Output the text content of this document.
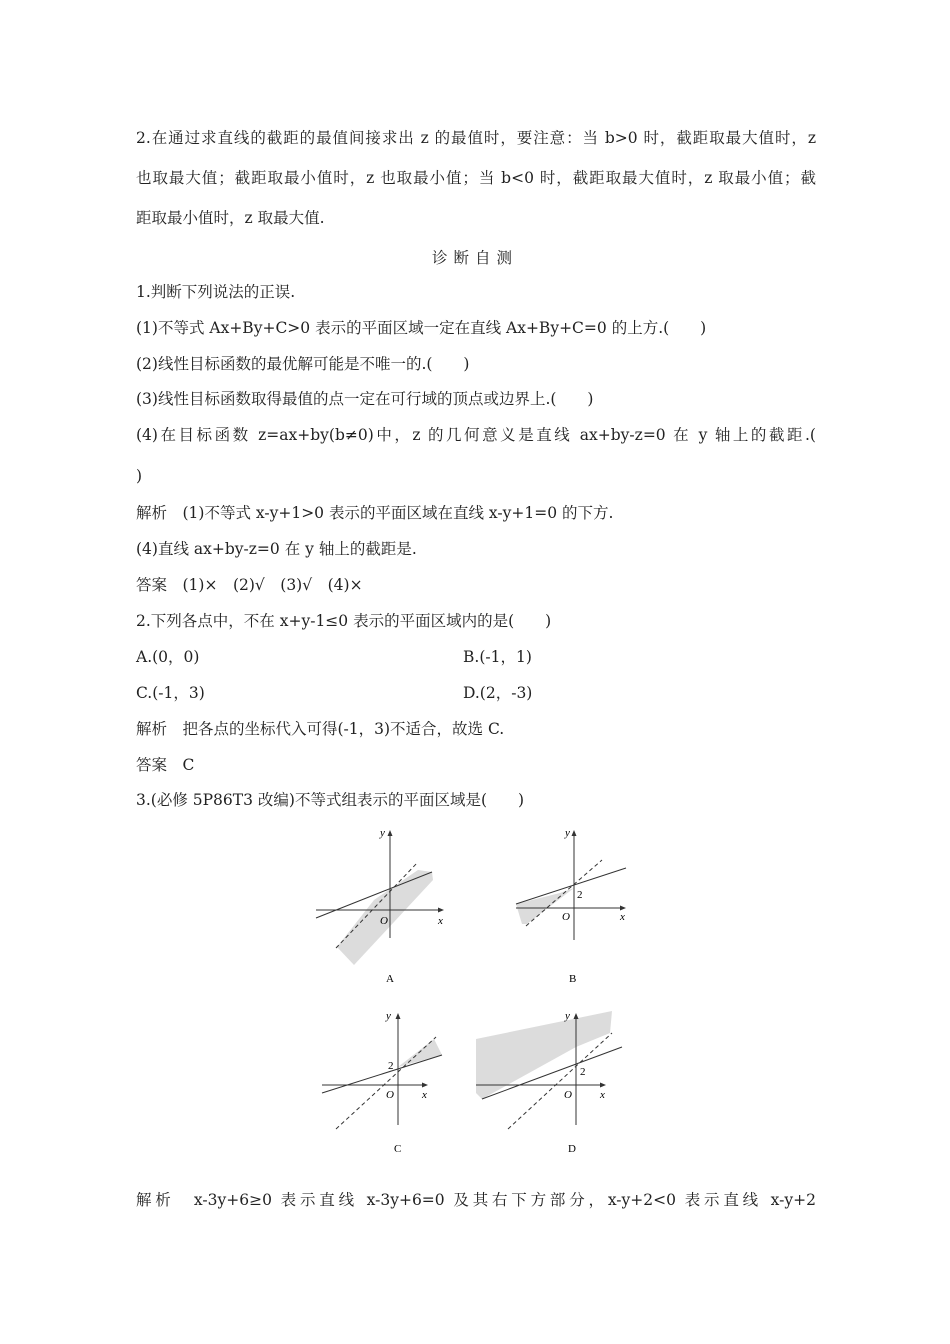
2.在通过求直线的截距的最值间接求出 z 的最值时，要注意：当 b>0 时，截距取最大值时，z
也取最大值；截距取最小值时，z 也取最小值；当 b<0 时，截距取最大值时，z 取最小值；截
距取最小值时，z 取最大值.
诊断自测
1.判断下列说法的正误.
(1)不等式 Ax+By+C>0 表示的平面区域一定在直线 Ax+By+C=0 的上方.(　　)
(2)线性目标函数的最优解可能是不唯一的.(　　)
(3)线性目标函数取得最值的点一定在可行域的顶点或边界上.(　　)
(4)在目标函数 z=ax+by(b≠0)中，z 的几何意义是直线 ax+by-z=0 在 y 轴上的截距.(
)
解析　(1)不等式 x-y+1>0 表示的平面区域在直线 x-y+1=0 的下方.
(4)直线 ax+by-z=0 在 y 轴上的截距是.
答案　(1)×　(2)√　(3)√　(4)×
2.下列各点中，不在 x+y-1≤0 表示的平面区域内的是(　　)
A.(0，0)	B.(-1，1)
C.(-1，3)	D.(2，-3)
解析　把各点的坐标代入可得(-1，3)不适合，故选 C.
答案　C
3.(必修 5P86T3 改编)不等式组表示的平面区域是(　　)
x
y
O
A
x
y
O
2
B
x
y
O
2
C
x
y
O
2
D
解析　x-3y+6≥0 表示直线 x-3y+6=0 及其右下方部分，x-y+2<0 表示直线 x-y+2
